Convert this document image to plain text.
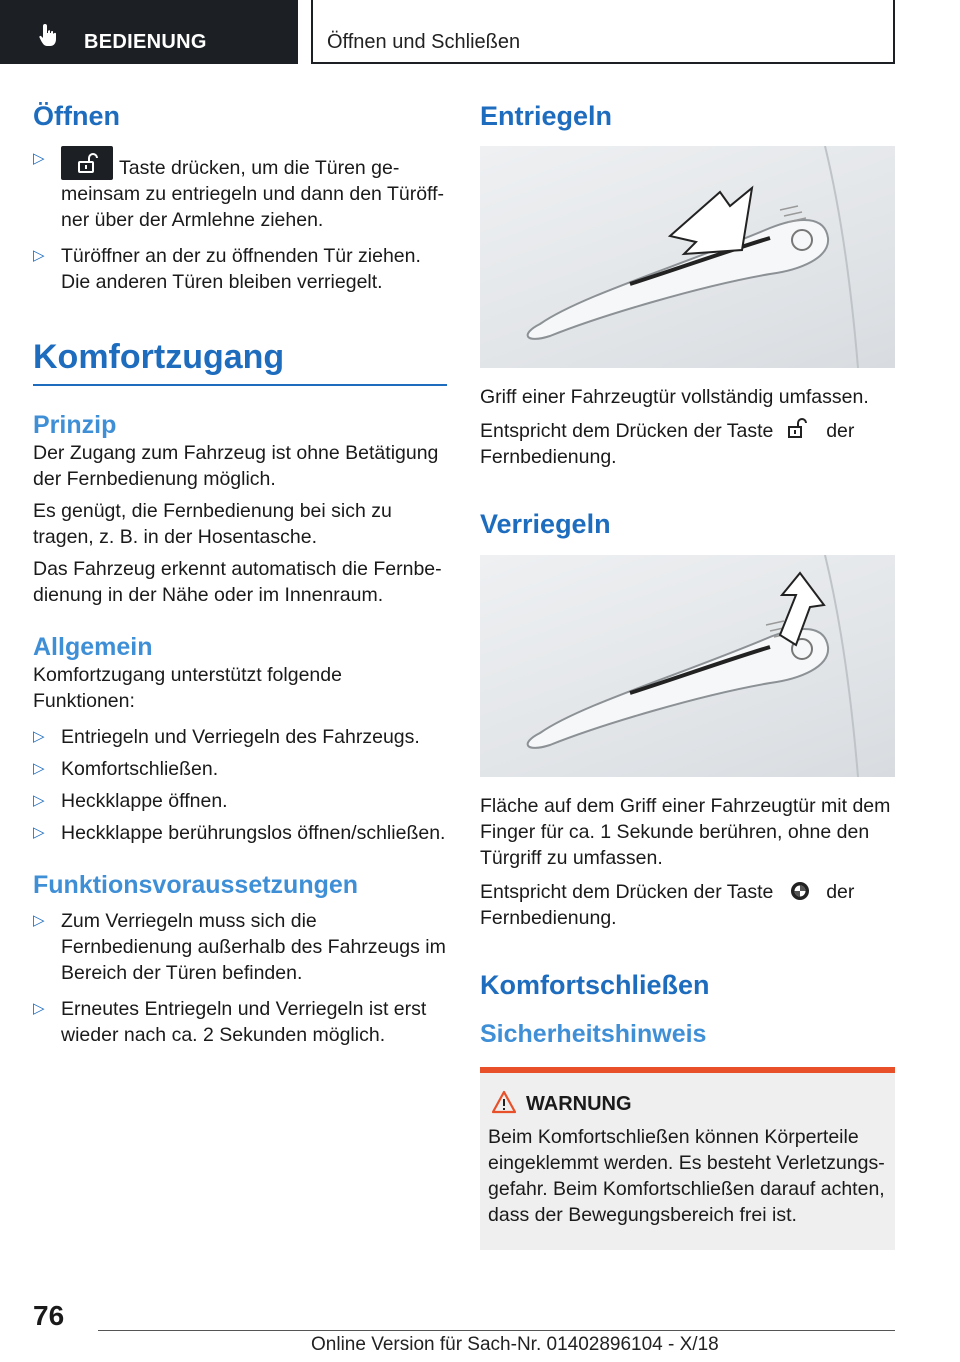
BEDIENUNG	Öffnen und Schließen
Öffnen
▷	Taste drücken, um die Türen gemeinsam zu entriegeln und dann den Türöffner über der Armlehne ziehen.
▷ Türöffner an der zu öffnenden Tür ziehen. Die anderen Türen bleiben verriegelt.
Komfortzugang
Prinzip

Der Zugang zum Fahrzeug ist ohne Betätigung der Fernbedienung möglich.

Es genügt, die Fernbedienung bei sich zu tragen, z. B. in der Hosentasche.

Das Fahrzeug erkennt automatisch die Fernbedienung in der Nähe oder im Innenraum.

Allgemein

Komfortzugang unterstützt folgende Funktionen:

▷ Entriegeln und Verriegeln des Fahrzeugs.
▷ Komfortschließen.
▷ Heckklappe öffnen.
▷ Heckklappe berührungslos öffnen/schließen.
Funktionsvoraussetzungen
▷ Zum Verriegeln muss sich die Fernbedienung außerhalb des Fahrzeugs im Bereich der Türen befinden.
▷ Erneutes Entriegeln und Verriegeln ist erst wieder nach ca. 2 Sekunden möglich.
Entriegeln

Griff einer Fahrzeugtür vollständig umfassen.

Entspricht dem Drücken der Taste	der Fernbedienung.

Verriegeln

Fläche auf dem Griff einer Fahrzeugtür mit dem Finger für ca. 1 Sekunde berühren, ohne den Türgriff zu umfassen.

Entspricht dem Drücken der Taste	der Fernbedienung.

Komfortschließen
Sicherheitshinweis
WARNUNG

Beim Komfortschließen können Körperteile eingeklemmt werden. Es besteht Verletzungsgefahr. Beim Komfortschließen darauf achten, dass der Bewegungsbereich frei ist.

76
Online Version für Sach-Nr. 01402896104 - X/18
